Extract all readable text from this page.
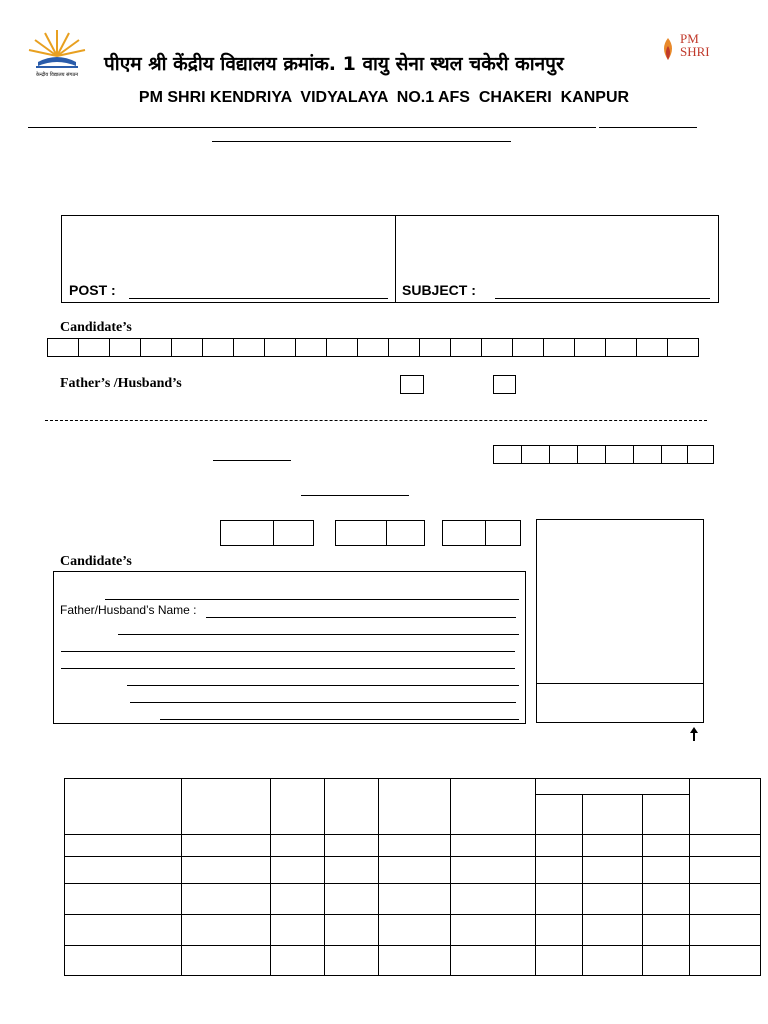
केन्द्रीय विद्यालय संगठन	पीएम श्री केंद्रीय विद्यालय क्रमांक. 1 वायु सेना स्थल चकेरी कानपुर
PM SHRI
PM SHRI KENDRIYA  VIDYALAYA  NO.1 AFS  CHAKERI  KANPUR
POST :	SUBJECT :
Candidate’s
Father’s /Husband’s
Candidate’s
Father/Husband’s Name :
